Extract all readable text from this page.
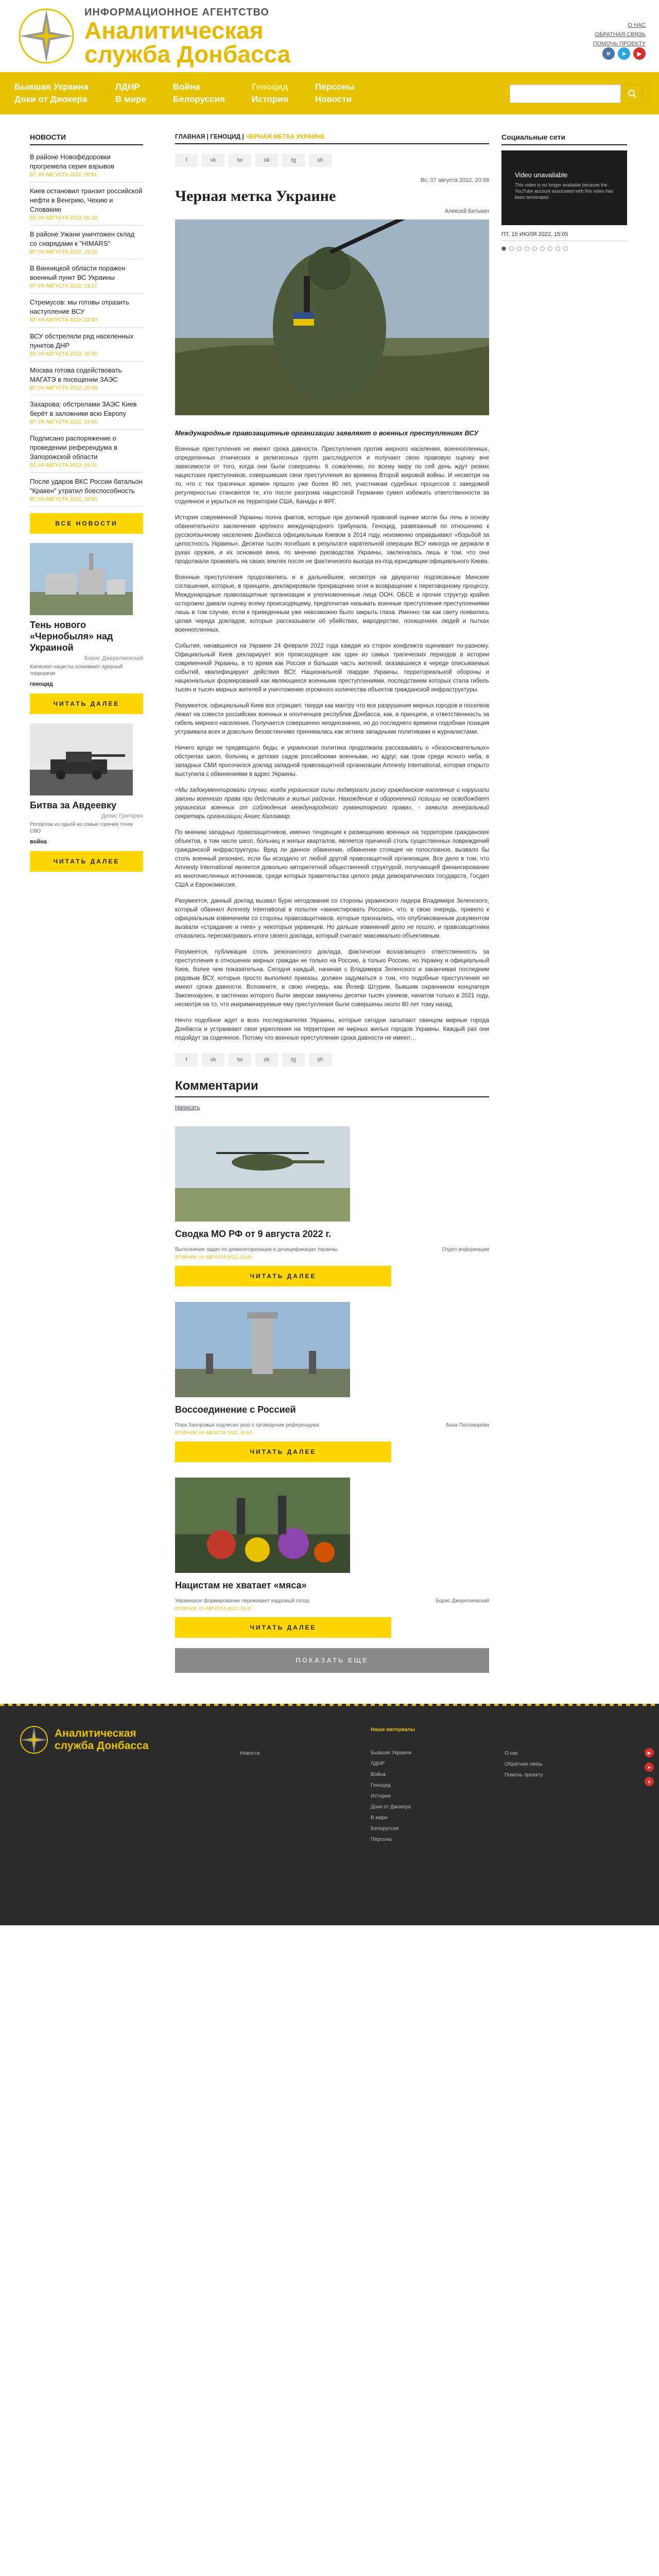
ИНФОРМАЦИОННОЕ АГЕНТСТВО
Аналитическая
служба Донбасса
О НАС
ОБРАТНАЯ СВЯЗЬ
ПОМОЧЬ ПРОЕКТУ
в	➤	▶
Бывшая Украина
Доки от Джокера
ЛДНР
В мире
Война
Белоруссия
Геноцид
История
Персоны
Новости
НОВОСТИ
В районе Новофёдоровки прогремела серия взрывов
ВТ, 09 АВГУСТА 2022, 00:51
Киев остановил транзит российской нефти в Венгрию, Чехию и Словакию
ВТ, 09 АВГУСТА 2022, 00:18
В районе Ужани уничтожен склад со снарядами к "HIMARS"
ВТ, 09 АВГУСТА 2022, 23:22
В Винницкой области поражен военный пункт ВС Украины
ВТ, 09 АВГУСТА 2022, 23:17
Стремусов: мы готовы отразить наступление ВСУ
ВТ, 09 АВГУСТА 2022, 22:50
ВСУ обстреляли ряд населенных пунктов ДНР
ВТ, 09 АВГУСТА 2022, 20:45
Москва готова содействовать МАГАТЭ в посещении ЗАЭС
ВТ, 09 АВГУСТА 2022, 20:38
Захарова: обстрелами ЗАЭС Киев берёт в заложники всю Европу
ВТ, 09 АВГУСТА 2022, 19:56
Подписано распоряжение о проведении референдума в Запорожской области
ВТ, 09 АВГУСТА 2022, 19:31
После ударов ВКС России батальон "Кракен" утратил боеспособность
ВТ, 09 АВГУСТА 2022, 18:50
ВСЕ НОВОСТИ
Тень нового «Чернобыля» над Украиной
Борис Джерелиевский
Киевские нацисты осваивают ядерный терроризм
геноцид
ЧИТАТЬ ДАЛЕЕ
Битва за Авдеевку
Денис Григорюк
Репортаж из одной из самых горячих точек СВО
война
ЧИТАТЬ ДАЛЕЕ
ГЛАВНАЯ | ГЕНОЦИД | ЧЕРНАЯ МЕТКА УКРАИНЕ
f	vk	tw	ok	tg	sh
Вс, 07 августа 2022, 20:58
Черная метка Украине
Алексей Бетькин
Международные правозащитные организации заявляют о военных преступлениях ВСУ

Военные преступления не имеют срока давности. Преступления против мирного населения, военнопленных, определенных этнических и религиозных групп расследуются и получают свою правовую оценку вне зависимости от того, когда они были совершены. К сожалению, по всему миру по сей день ждут резких нацистских преступников, совершивших свои преступления во времена Второй мировой войны. И несмотря на то, что с тех трагичных времен прошло уже более 80 лет, участникам судебных процессов с заведомой регулярностью становятся те, кто после разгрома нацистской Германии сумел избежать ответственности за содеянное и укрыться на территории США, Канады и ФРГ.

История современной Украины полна фактов, которые при должной правовой оценке могли бы лечь в основу обвинительного заключения крупного международного трибунала. Геноцид, развязанный по отношению к русскоязычному населению Донбасса официальным Киевом в 2014 году, неизменно оправдывают «борьбой за целостность Украины». Десятки тысяч погибших в результате карательной операции ВСУ никогда не держали в руках оружия, и их основная вина, по мнению руководства Украины, заключалась лишь в том, что они продолжали проживать на своих землях после не фактического выхода из-под юрисдикции официального Киева.

Военные преступления продолжились и в дальнейшем, несмотря на двукратно подписанные Минские соглашения, которые, в принципе, декларировали прекращение огня и возвращение к переговорному процессу. Международные правозащитные организации и уполномоченные лица ООН, ОБСЕ и прочих структур крайне осторожно давали оценку всему происходящему, предпочитая называть военные преступления преступлениями лишь в том случае, если к приведенным уже невозможно было закрыть глаза. Именно так как свету появились целая череда докладов, которые рассказывали об убийствах, мародерстве, похищениях людей и пытках военнопленных.

События, начавшиеся на Украине 24 февраля 2022 года каждая из сторон конфликта оценивает по-разному. Официальный Киев декларирует все происходящее как один из самых трагических периодов в истории современной Украины, в то время как Россия и большая часть жителей, оказавшиеся в череде описываемых событий, квалифицируют действия ВСУ, Национальной гвардии Украины, территориальной обороны и национальных формирований как являющиеся военными преступлениями, последствием которых стала гибель тысяч и тысяч мирных жителей и уничтожение огромного количества объектов гражданской инфраструктуры.

Разумеется, официальный Киев все отрицает, твердя как мантру что все разрушения мирных городов и поселков лежат на совести российских военных и ополченцев республик Донбасса, как, в принципе, и ответственность за гибель мирного населения. Получается совершенно неоднозначно, но до последнего времени подобная позиция устраивала всех и довольно беззастенчиво принималась как истина западными политиками и журналистами.

Ничего вроде не предвещало беды, и украинская политика продолжала рассказывать о «безосновательных» обстрелах школ, больниц и детских садов российскими военными, но вдруг, как гром среди ясного неба, в западных СМИ просочился доклад западной правозащитной организации Amnesty International, которая открыто выступила с обвинениями в адрес Украины.

«Мы задокументировали случаи, когда украинские силы подвергали риску гражданское население и нарушали законы военного права при действиях в жилых районах. Нахождение в обороненной позиции не освобождает украинских военных от соблюдения международного гуманитарного права», - заявила генеральный секретарь организации Аниес Калламар.

По мнению западных правозащитников, именно тенденция к размещению военных на территории гражданских объектов, в том числе школ, больниц и жилых кварталов, является причиной столь существенных повреждений гражданской инфраструктуры. Вряд ли данное обвинение, обвинение стоящее не голословное, вызвало бы столь военный резонанс, если бы исходило от любой другой правозащитной организации. Все дело в том, что Amnesty International является довольно авторитетной общественной структурой, получающей финансирование из многочисленных источников, среди которых правительства целого ряда демократических государств, Госдеп США и Еврокомиссия.

Разумеется, данный доклад вызвал бурю негодования со стороны украинского лидера Владимира Зеленского, который обвинил Amnesty International в попытке «амнистировать Россию», что, в свою очередь, привело к официальным извинениям со стороны правозащитников, которые признались, что опубликованным документом вызвали «страдание и гнев» у некоторых украинцев. Но дальше извинений дело не пошло, и правозащитники отказались пересматривать итоги своего доклада, который считают максимально объективным.

Разумеется, публикация столь резонансного доклада, фактически возлагающего ответственность за преступления в отношении мирных граждан не только на Россию, а только Россию, но Украину и официальный Киев, более чем показательна. Сегодня каждый, начиная с Владимира Зеленского и заканчивая последним рядовым ВСУ, которые просто выполнял приказы, должен задуматься о том, что подобные преступления не имеют срока давности. Вспомните, в свою очередь, как Йозеф Штурим, бывшим охранником концлагеря Заксенхаузен, в застенках которого были зверски замучены десятки тысяч узников, начатом только в 2021 году, несмотря на то, что инкриминируемые ему преступления были совершены около 80 лет тому назад.

Нечто подобное ждет в всех последователях Украины, которые сегодня засыпают свинцом мирные города Донбасса и устраивают свои укрепления на территории не мирных жилых городов Украины. Каждый раз они подойдут за содеянное. Потому что военные преступления срока давности не имеют…

f	vk	tw	ok	tg	sh
Комментарии
Написать
Сводка МО РФ от 9 августа 2022 г.
Выполнение задач по демилитаризации и денацификации Украины	Отдел информации
ВТОРНИК, 09 АВГУСТА 2022, 22:45
ЧИТАТЬ ДАЛЕЕ
Воссоединение с Россией
Пока Запорожья подписал указ о проведении референдума	Анна Поломарёва
ВТОРНИК, 09 АВГУСТА 2022, 20:52
ЧИТАТЬ ДАЛЕЕ
Нацистам не хватает «мяса»
Украинское формирование переживает кадровый голод	Борис Джерелиевский
ВТОРНИК, 09 АВГУСТА 2022, 16:47
ЧИТАТЬ ДАЛЕЕ
ПОКАЗАТЬ ЕЩЕ
Социальные сети
Video unavailable
This video is no longer available because the YouTube account associated with this video has been terminated.
ПТ, 15 ИЮЛЯ 2022, 15:05
Аналитическая
служба Донбасса
Новости
Наши материалы
Бывшая Украина
ЛДНР
Война
Геноцид
История
Доки от Джокера
В мире
Белоруссия
Персоны
О нас
Обратная связь
Помочь проекту
▶
➤
в
